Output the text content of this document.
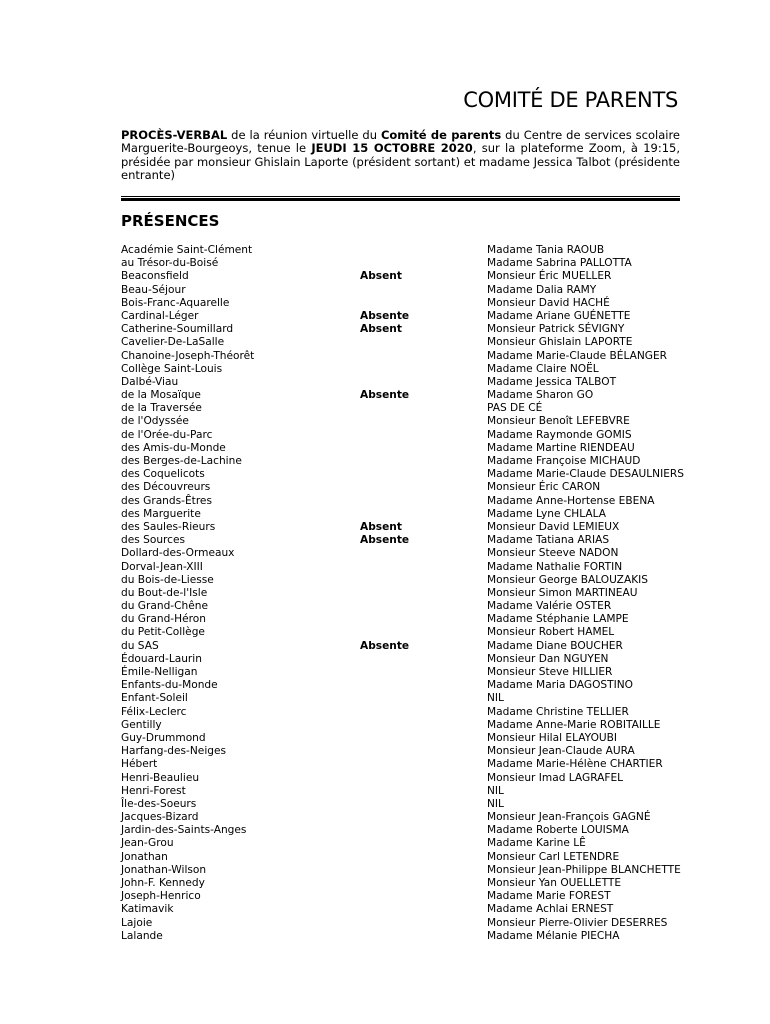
COMITÉ DE PARENTS
PROCÈS-VERBAL de la réunion virtuelle du Comité de parents du Centre de services scolaire Marguerite-Bourgeoys, tenue le JEUDI 15 OCTOBRE 2020, sur la plateforme Zoom, à 19:15, présidée par monsieur Ghislain Laporte (président sortant) et madame Jessica Talbot (présidente entrante)
PRÉSENCES
Académie Saint-Clément	Madame Tania RAOUB
au Trésor-du-Boisé	Madame Sabrina PALLOTTA
Beaconsfield	Absent	Monsieur Éric MUELLER
Beau-Séjour	Madame Dalia RAMY
Bois-Franc-Aquarelle	Monsieur David HACHÉ
Cardinal-Léger	Absente	Madame Ariane GUÉNETTE
Catherine-Soumillard	Absent	Monsieur Patrick SÉVIGNY
Cavelier-De-LaSalle	Monsieur Ghislain LAPORTE
Chanoine-Joseph-Théorêt	Madame Marie-Claude BÉLANGER
Collège Saint-Louis	Madame Claire NOËL
Dalbé-Viau	Madame Jessica TALBOT
de la Mosaïque	Absente	Madame Sharon GO
de la Traversée	PAS DE CÉ
de l'Odyssée	Monsieur Benoît LEFEBVRE
de l'Orée-du-Parc	Madame Raymonde GOMIS
des Amis-du-Monde	Madame Martine RIENDEAU
des Berges-de-Lachine	Madame Françoise MICHAUD
des Coquelicots	Madame Marie-Claude DESAULNIERS
des Découvreurs	Monsieur Éric CARON
des Grands-Êtres	Madame Anne-Hortense EBENA
des Marguerite	Madame Lyne CHLALA
des Saules-Rieurs	Absent	Monsieur David LEMIEUX
des Sources	Absente	Madame Tatiana ARIAS
Dollard-des-Ormeaux	Monsieur Steeve NADON
Dorval-Jean-XIII	Madame Nathalie FORTIN
du Bois-de-Liesse	Monsieur George BALOUZAKIS
du Bout-de-l'Isle	Monsieur Simon MARTINEAU
du Grand-Chêne	Madame Valérie OSTER
du Grand-Héron	Madame Stéphanie LAMPE
du Petit-Collège	Monsieur Robert HAMEL
du SAS	Absente	Madame Diane BOUCHER
Édouard-Laurin	Monsieur Dan NGUYEN
Émile-Nelligan	Monsieur Steve HILLIER
Enfants-du-Monde	Madame Maria DAGOSTINO
Enfant-Soleil	NIL
Félix-Leclerc	Madame Christine TELLIER
Gentilly	Madame Anne-Marie ROBITAILLE
Guy-Drummond	Monsieur Hilal ELAYOUBI
Harfang-des-Neiges	Monsieur Jean-Claude AURA
Hébert	Madame Marie-Hélène CHARTIER
Henri-Beaulieu	Monsieur Imad LAGRAFEL
Henri-Forest	NIL
Île-des-Soeurs	NIL
Jacques-Bizard	Monsieur Jean-François GAGNÉ
Jardin-des-Saints-Anges	Madame Roberte LOUISMA
Jean-Grou	Madame Karine LÊ
Jonathan	Monsieur Carl LETENDRE
Jonathan-Wilson	Monsieur Jean-Philippe BLANCHETTE
John-F. Kennedy	Monsieur Yan OUELLETTE
Joseph-Henrico	Madame Marie FOREST
Katimavik	Madame Achlai ERNEST
Lajoie	Monsieur Pierre-Olivier DESERRES
Lalande	Madame Mélanie PIECHA
